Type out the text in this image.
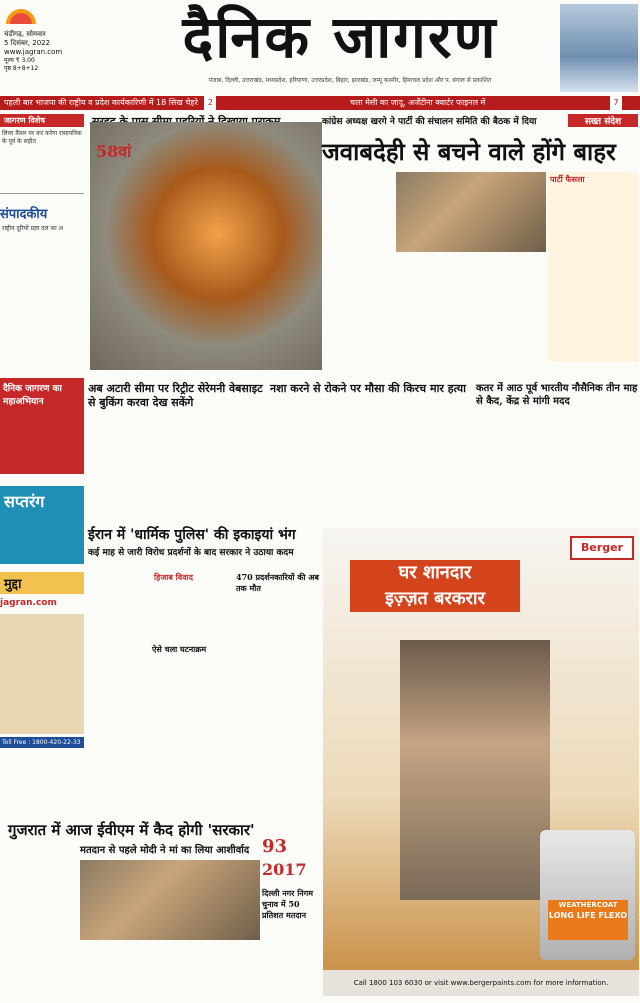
चंडीगढ़, सोमवार
5 दिसंबर, 2022
www.jagran.com
मूल्य ₹ 3.00
पृष्ठ 8+8+12	दैनिक जागरण
पंजाब, दिल्ली, उत्तराखंड, मध्यप्रदेश, हरियाणा, उत्तरप्रदेश, बिहार, झारखंड, जम्मू कश्मीर, हिमाचल प्रदेश और प. बंगाल से प्रकाशित
पहली बार भाजपा की राष्ट्रीय व प्रदेश कार्यकारिणी में 18 सिख चेहरे 2	चला मेसी का जादू, अर्जेंटीना क्वार्टर फाइनल में	7
जागरण विशेष
लिवर कैंसर पर कर करेगा रासायनिक के पूर्व के सहीत
संपादकीय
राष्ट्रीय दूरियों प्रज्ञा दल का अ
दैनिक जागरण का महाअभियान
सप्तरंग
मुद्दा
jagran.com
Toll Free : 1800-420-22-33
58वां
कांग्रेस अध्यक्ष खरगे ने पार्टी की संचालन समिति की बैठक में दिया	सख्त संदेश
जवाबदेही से बचने वाले होंगे बाहर
पार्टी फैसला
अब अटारी सीमा पर रिट्रीट सेरेमनी वेबसाइट से बुकिंग करवा देख सकेंगे
नशा करने से रोकने पर मौसा की किरच मार हत्या कतर में आठ पूर्व भारतीय नौसैनिक तीन माह से कैद, केंद्र से मांगी मदद
ईरान में 'धार्मिक पुलिस' की इकाइयां भंग
कई माह से जारी विरोध प्रदर्शनों के बाद सरकार ने उठाया कदम
हिजाब विवाद	470 प्रदर्शनकारियों की अब तक मौत
ऐसे चला घटनाक्रम
घर शानदार
इज़्ज़त बरकरार
Berger
WEATHERCOAT
LONG LIFE FLEXO
Call 1800 103 6030 or visit www.bergerpaints.com for more information.
गुजरात में आज ईवीएम में कैद होगी 'सरकार'
मतदान से पहले मोदी ने मां का लिया आशीर्वाद 93
2017
दिल्ली नगर निगम चुनाव में 50 प्रतिशत मतदान
